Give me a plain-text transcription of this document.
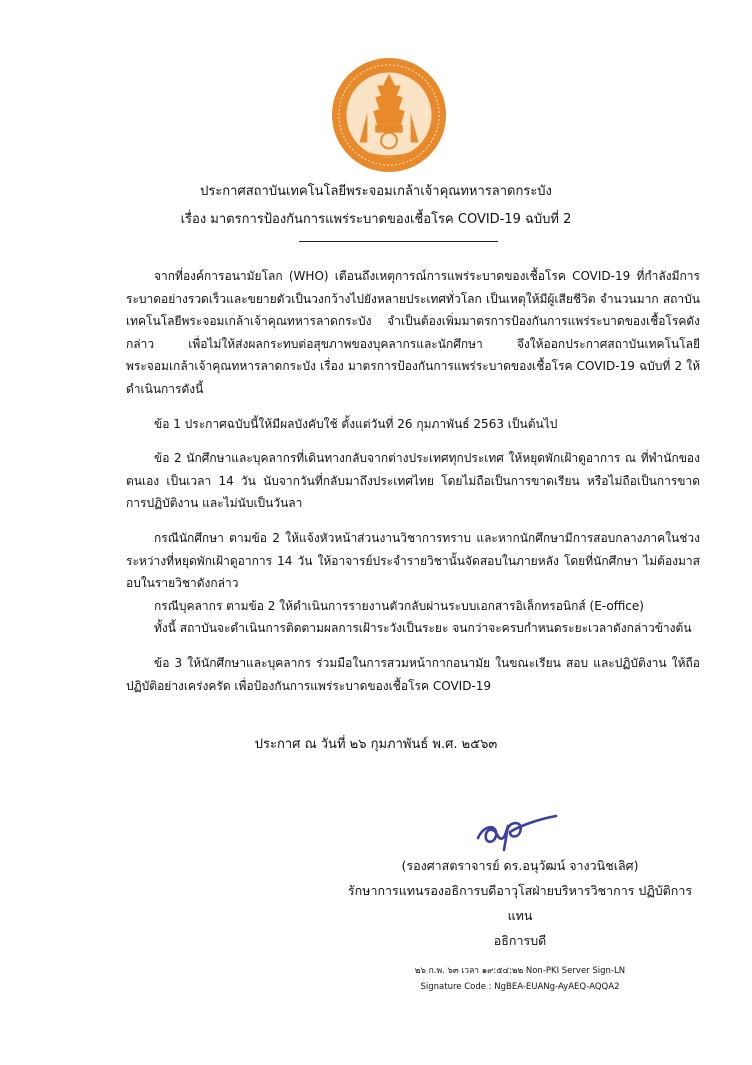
ประกาศสถาบันเทคโนโลยีพระจอมเกล้าเจ้าคุณทหารลาดกระบัง
เรื่อง มาตรการป้องกันการแพร่ระบาดของเชื้อโรค COVID-19 ฉบับที่ 2

จากที่องค์การอนามัยโลก (WHO) เตือนถึงเหตุการณ์การแพร่ระบาดของเชื้อโรค COVID-19 ที่กำลังมีการระบาดอย่างรวดเร็วและขยายตัวเป็นวงกว้างไปยังหลายประเทศทั่วโลก เป็นเหตุให้มีผู้เสียชีวิต จำนวนมาก สถาบันเทคโนโลยีพระจอมเกล้าเจ้าคุณทหารลาดกระบัง จำเป็นต้องเพิ่มมาตรการป้องกันการแพร่ระบาดของเชื้อโรคดังกล่าว เพื่อไม่ให้ส่งผลกระทบต่อสุขภาพของบุคลากรและนักศึกษา จึงให้ออกประกาศสถาบันเทคโนโลยีพระจอมเกล้าเจ้าคุณทหารลาดกระบัง เรื่อง มาตรการป้องกันการแพร่ระบาดของเชื้อโรค COVID-19 ฉบับที่ 2 ให้ดำเนินการดังนี้

ข้อ 1 ประกาศฉบับนี้ให้มีผลบังคับใช้ ตั้งแต่วันที่ 26 กุมภาพันธ์ 2563 เป็นต้นไป

ข้อ 2 นักศึกษาและบุคลากรที่เดินทางกลับจากต่างประเทศทุกประเทศ ให้หยุดพักเฝ้าดูอาการ ณ ที่พำนักของตนเอง เป็นเวลา 14 วัน นับจากวันที่กลับมาถึงประเทศไทย โดยไม่ถือเป็นการขาดเรียน หรือไม่ถือเป็นการขาดการปฏิบัติงาน และไม่นับเป็นวันลา

กรณีนักศึกษา ตามข้อ 2 ให้แจ้งหัวหน้าส่วนงานวิชาการทราบ และหากนักศึกษามีการสอบกลางภาคในช่วงระหว่างที่หยุดพักเฝ้าดูอาการ 14 วัน ให้อาจารย์ประจำรายวิชานั้นจัดสอบในภายหลัง โดยที่นักศึกษา ไม่ต้องมาสอบในรายวิชาดังกล่าว

กรณีบุคลากร ตามข้อ 2 ให้ดำเนินการรายงานตัวกลับผ่านระบบเอกสารอิเล็กทรอนิกส์ (E-office)

ทั้งนี้ สถาบันจะดำเนินการติดตามผลการเฝ้าระวังเป็นระยะ จนกว่าจะครบกำหนดระยะเวลาดังกล่าวข้างต้น

ข้อ 3 ให้นักศึกษาและบุคลากร ร่วมมือในการสวมหน้ากากอนามัย ในขณะเรียน สอบ และปฏิบัติงาน ให้ถือปฏิบัติอย่างเคร่งครัด เพื่อป้องกันการแพร่ระบาดของเชื้อโรค COVID-19

ประกาศ ณ วันที่ ๒๖ กุมภาพันธ์ พ.ศ. ๒๕๖๓
(รองศาสตราจารย์ ดร.อนุวัฒน์ จางวนิชเลิศ)
รักษาการแทนรองอธิการบดีอาวุโสฝ่ายบริหารวิชาการ ปฏิบัติการ
แทน
อธิการบดี
๒๖ ก.พ. ๖๓ เวลา ๑๙:๕๔:๒๒ Non-PKI Server Sign-LN
Signature Code : NgBEA-EUANg-AyAEQ-AQQA2
